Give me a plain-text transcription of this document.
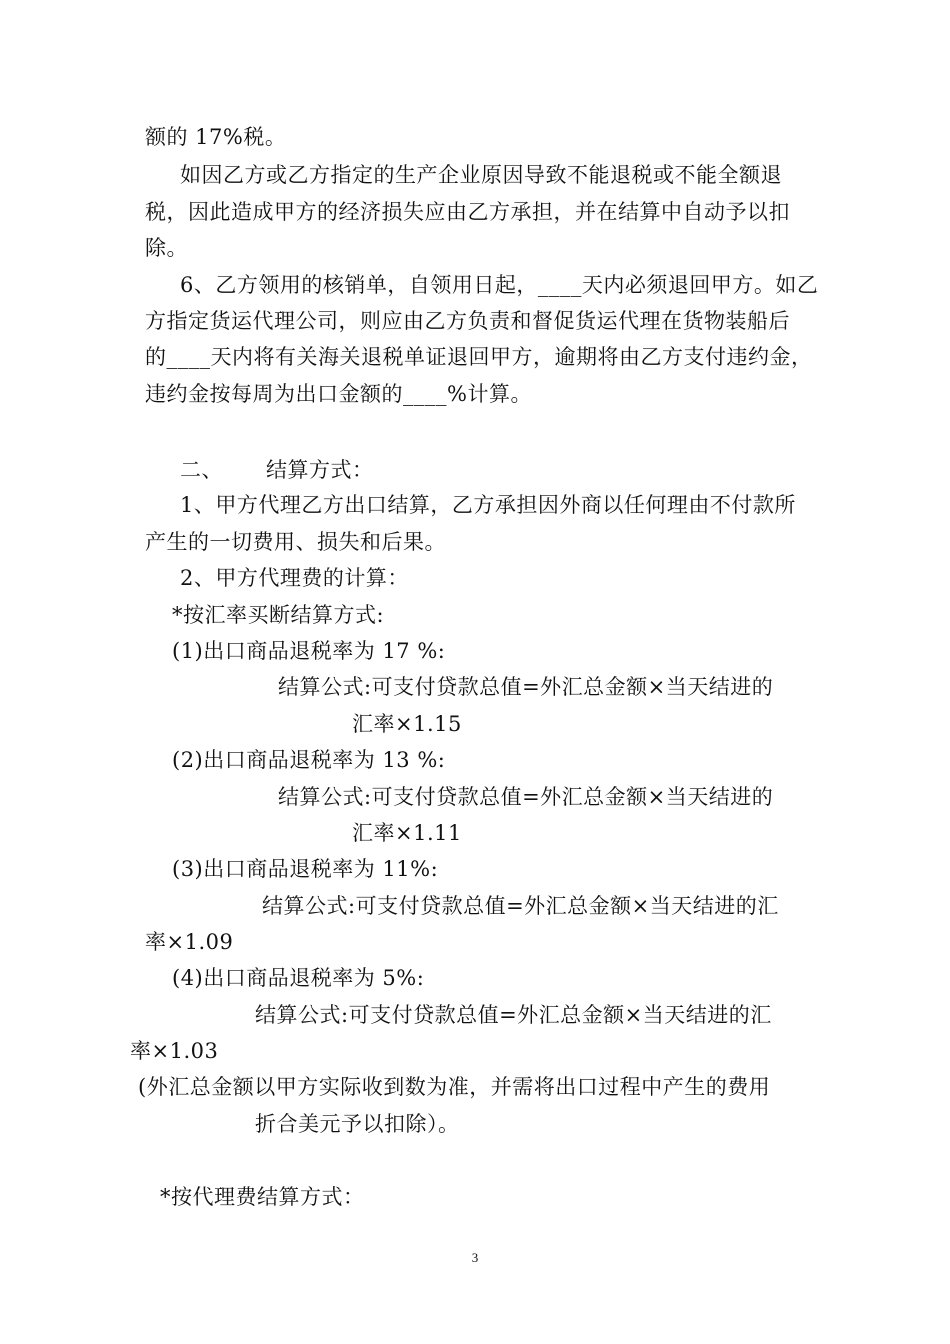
额的 17%税。

如因乙方或乙方指定的生产企业原因导致不能退税或不能全额退

税，因此造成甲方的经济损失应由乙方承担，并在结算中自动予以扣

除。

6、乙方领用的核销单，自领用日起，____天内必须退回甲方。如乙

方指定货运代理公司，则应由乙方负责和督促货运代理在货物装船后

的____天内将有关海关退税单证退回甲方，逾期将由乙方支付违约金，

违约金按每周为出口金额的____%计算。

二、      结算方式：

1、甲方代理乙方出口结算，乙方承担因外商以任何理由不付款所

产生的一切费用、损失和后果。

2、甲方代理费的计算：

*按汇率买断结算方式:

(1)出口商品退税率为 17 %:

结算公式:可支付贷款总值=外汇总金额×当天结进的

汇率×1.15

(2)出口商品退税率为 13 %:

结算公式:可支付贷款总值=外汇总金额×当天结进的

汇率×1.11

(3)出口商品退税率为 11%:

结算公式:可支付贷款总值=外汇总金额×当天结进的汇

率×1.09

(4)出口商品退税率为 5%:

结算公式:可支付贷款总值=外汇总金额×当天结进的汇

率×1.03

(外汇总金额以甲方实际收到数为准，并需将出口过程中产生的费用

折合美元予以扣除）。

*按代理费结算方式：

3
